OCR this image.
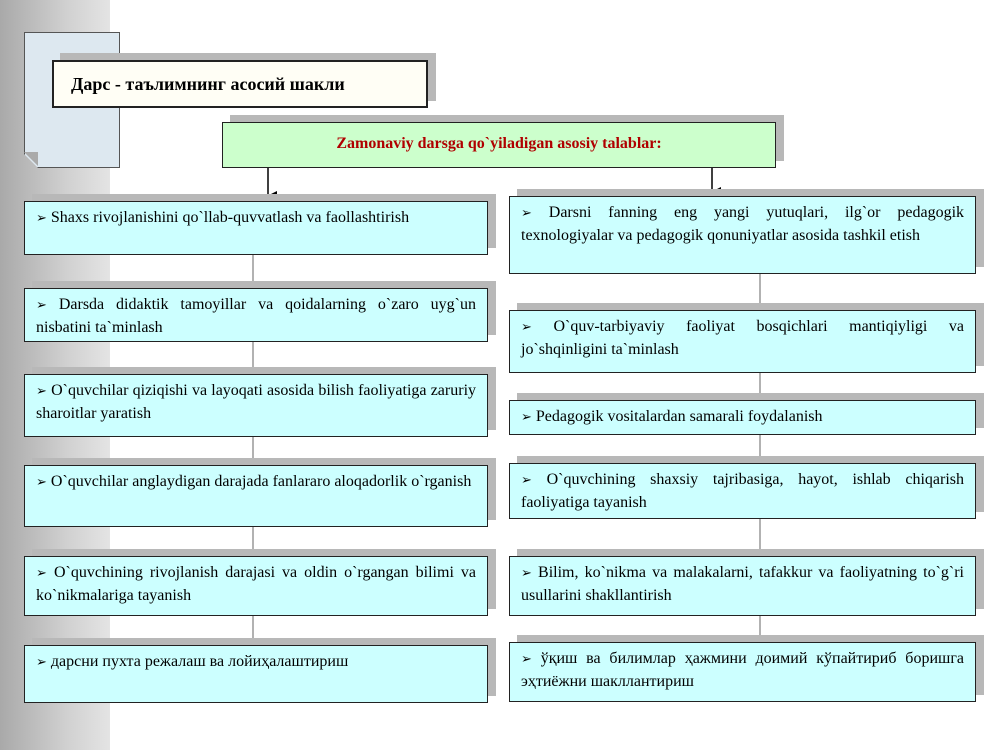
Дарс - таълимнинг асосий шакли
Zamonaviy darsga qo`yiladigan asosiy talablar:
➢ Shaxs rivojlanishini qo`llab-quvvatlash va faollashtirish
➢ Darsda didaktik tamoyillar va qoidalarning o`zaro uyg`un nisbatini ta`minlash
➢ O`quvchilar qiziqishi va layoqati asosida bilish faoliyatiga zaruriy sharoitlar yaratish
➢ O`quvchilar anglaydigan darajada fanlararo aloqadorlik o`rganish
➢ O`quvchining rivojlanish darajasi va oldin o`rgangan bilimi va ko`nikmalariga tayanish
➢ дарсни пухта режалаш ва лойиҳалаштириш
➢ Darsni fanning eng yangi yutuqlari, ilg`or pedagogik texnologiyalar va pedagogik qonuniyatlar asosida tashkil etish
➢ O`quv-tarbiyaviy faoliyat bosqichlari mantiqiyligi va jo`shqinligini ta`minlash
➢ Pedagogik vositalardan samarali foydalanish
➢ O`quvchining shaxsiy tajribasiga, hayot, ishlab chiqarish faoliyatiga tayanish
➢ Bilim, ko`nikma va malakalarni, tafakkur va faoliyatning to`g`ri usullarini shakllantirish
➢ ўқиш ва билимлар ҳажмини доимий кўпайтириб боришга эҳтиёжни шакллантириш
